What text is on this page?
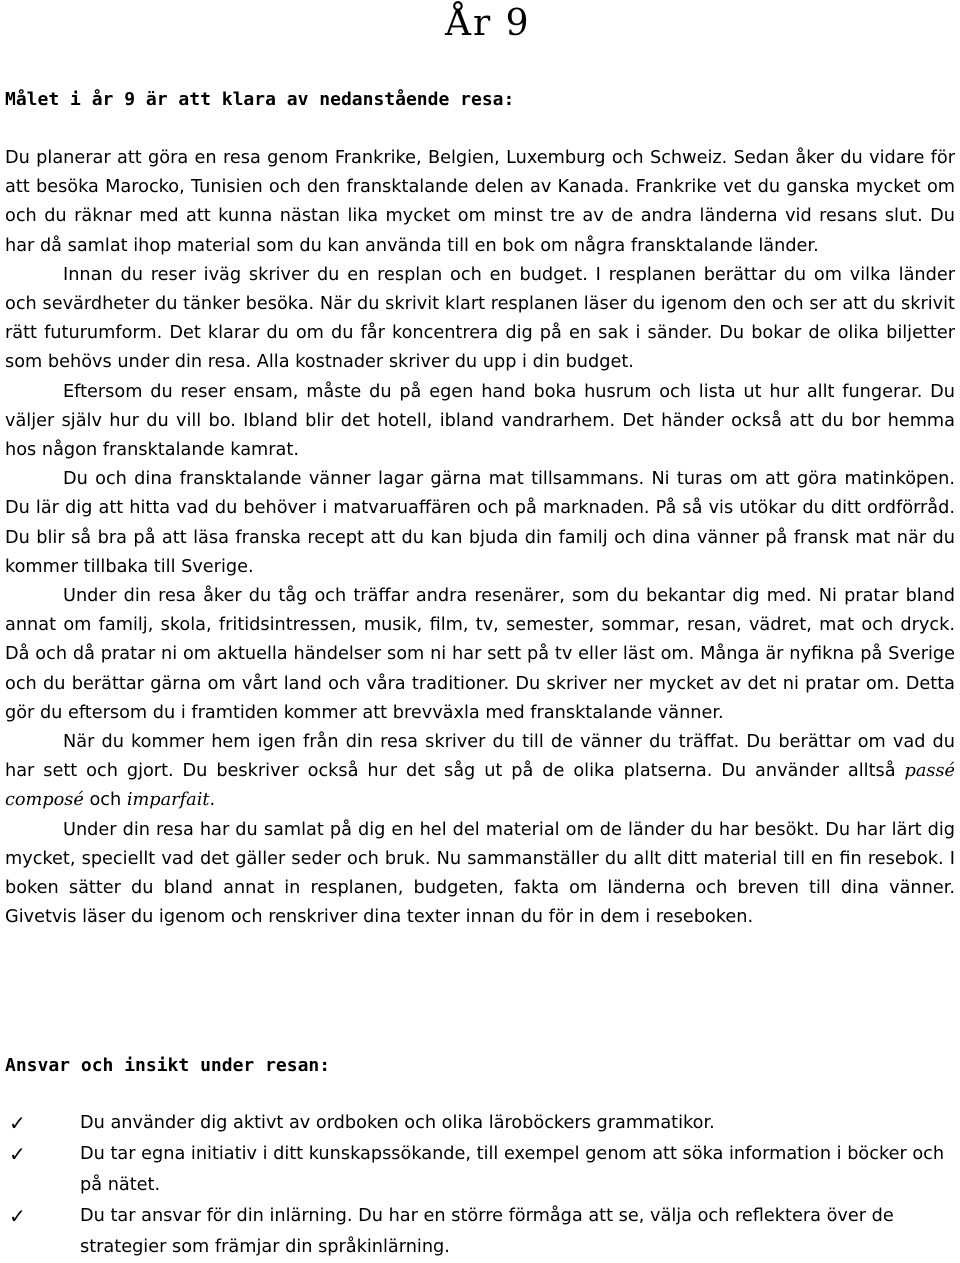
År 9
Målet i år 9 är att klara av nedanstående resa:

Du planerar att göra en resa genom Frankrike, Belgien, Luxemburg och Schweiz. Sedan åker du vidare för att besöka Marocko, Tunisien och den fransktalande delen av Kanada. Frankrike vet du ganska mycket om och du räknar med att kunna nästan lika mycket om minst tre av de andra länderna vid resans slut. Du har då samlat ihop material som du kan använda till en bok om några fransktalande länder.

Innan du reser iväg skriver du en resplan och en budget. I resplanen berättar du om vilka länder och sevärdheter du tänker besöka. När du skrivit klart resplanen läser du igenom den och ser att du skrivit rätt futurumform. Det klarar du om du får koncentrera dig på en sak i sänder. Du bokar de olika biljetter som behövs under din resa. Alla kostnader skriver du upp i din budget.

Eftersom du reser ensam, måste du på egen hand boka husrum och lista ut hur allt fungerar. Du väljer själv hur du vill bo. Ibland blir det hotell, ibland vandrarhem. Det händer också att du bor hemma hos någon fransktalande kamrat.

Du och dina fransktalande vänner lagar gärna mat tillsammans. Ni turas om att göra matinköpen. Du lär dig att hitta vad du behöver i matvaruaffären och på marknaden. På så vis utökar du ditt ordförråd. Du blir så bra på att läsa franska recept att du kan bjuda din familj och dina vänner på fransk mat när du kommer tillbaka till Sverige.

Under din resa åker du tåg och träffar andra resenärer, som du bekantar dig med. Ni pratar bland annat om familj, skola, fritidsintressen, musik, film, tv, semester, sommar, resan, vädret, mat och dryck. Då och då pratar ni om aktuella händelser som ni har sett på tv eller läst om. Många är nyfikna på Sverige och du berättar gärna om vårt land och våra traditioner. Du skriver ner mycket av det ni pratar om. Detta gör du eftersom du i framtiden kommer att brevväxla med fransktalande vänner.

När du kommer hem igen från din resa skriver du till de vänner du träffat. Du berättar om vad du har sett och gjort. Du beskriver också hur det såg ut på de olika platserna. Du använder alltså passé composé och imparfait.

Under din resa har du samlat på dig en hel del material om de länder du har besökt. Du har lärt dig mycket, speciellt vad det gäller seder och bruk. Nu sammanställer du allt ditt material till en fin resebok. I boken sätter du bland annat in resplanen, budgeten, fakta om länderna och breven till dina vänner. Givetvis läser du igenom och renskriver dina texter innan du för in dem i reseboken.

Ansvar och insikt under resan:
✓	Du använder dig aktivt av ordboken och olika läroböckers grammatikor.
✓	Du tar egna initiativ i ditt kunskapssökande, till exempel genom att söka information i böcker och på nätet.
✓	Du tar ansvar för din inlärning. Du har en större förmåga att se, välja och reflektera över de strategier som främjar din språkinlärning.
